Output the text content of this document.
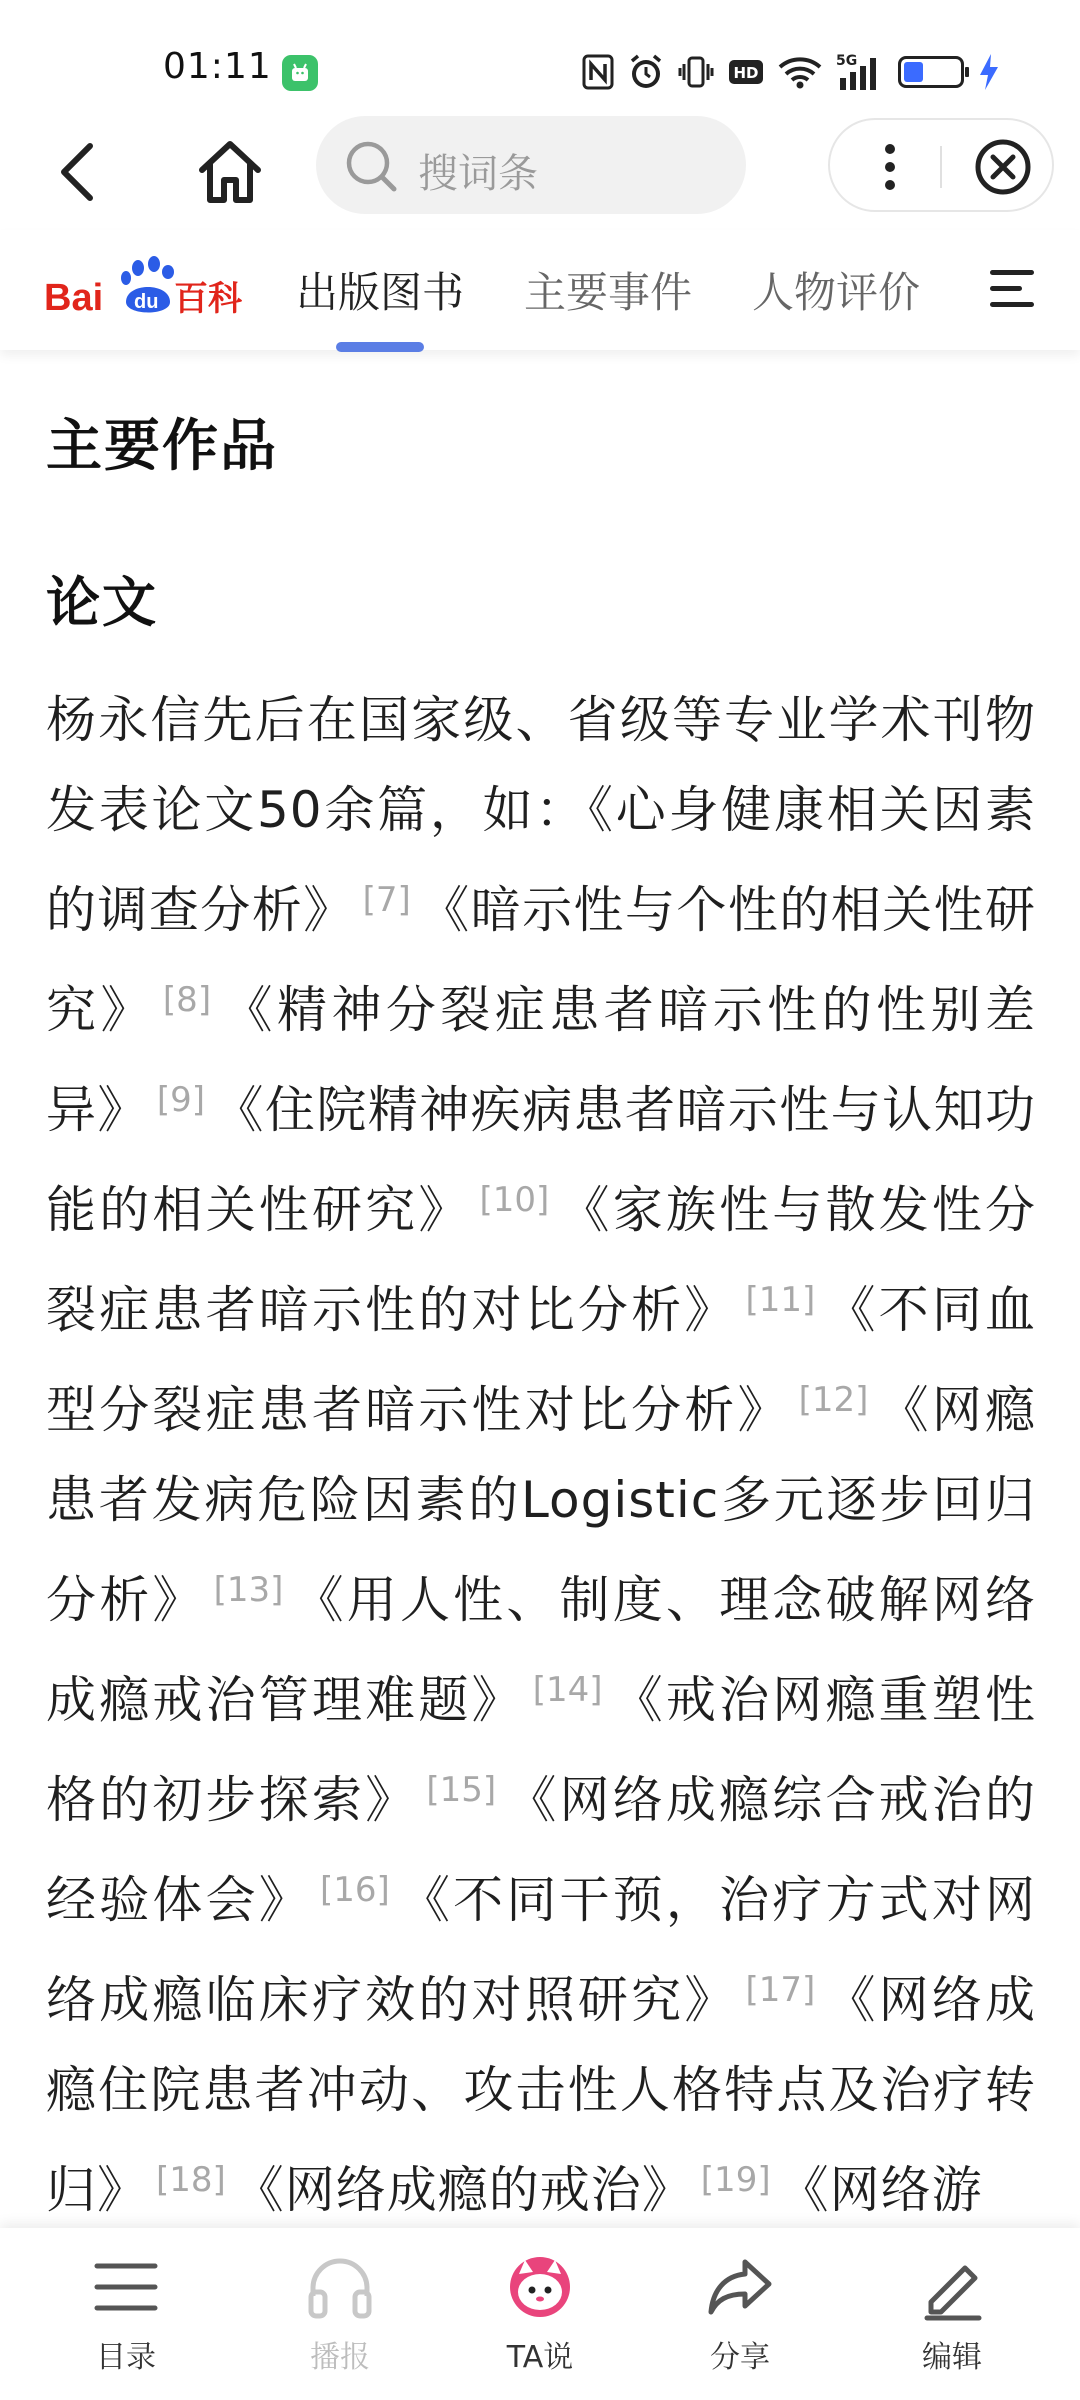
01:11	HD
5G
搜词条
Bai du 百科 出版图书 主要事件 人物评价
主要作品
论文

杨永信先后在国家级、省级等专业学术刊物发表论文50余篇，如：《心身健康相关因素的调查分析》 [7] 《暗示性与个性的相关性研究》 [8] 《精神分裂症患者暗示性的性别差异》 [9] 《住院精神疾病患者暗示性与认知功能的相关性研究》 [10] 《家族性与散发性分裂症患者暗示性的对比分析》 [11] 《不同血型分裂症患者暗示性对比分析》 [12] 《网瘾患者发病危险因素的Logistic多元逐步回归分析》 [13] 《用人性、制度、理念破解网络成瘾戒治管理难题》 [14] 《戒治网瘾重塑性格的初步探索》 [15] 《网络成瘾综合戒治的经验体会》 [16] 《不同干预，治疗方式对网络成瘾临床疗效的对照研究》 [17] 《网络成瘾住院患者冲动、攻击性人格特点及治疗转归》 [18] 《网络成瘾的戒治》 [19] 《网络游

目录	播报	TA说	分享	编辑
